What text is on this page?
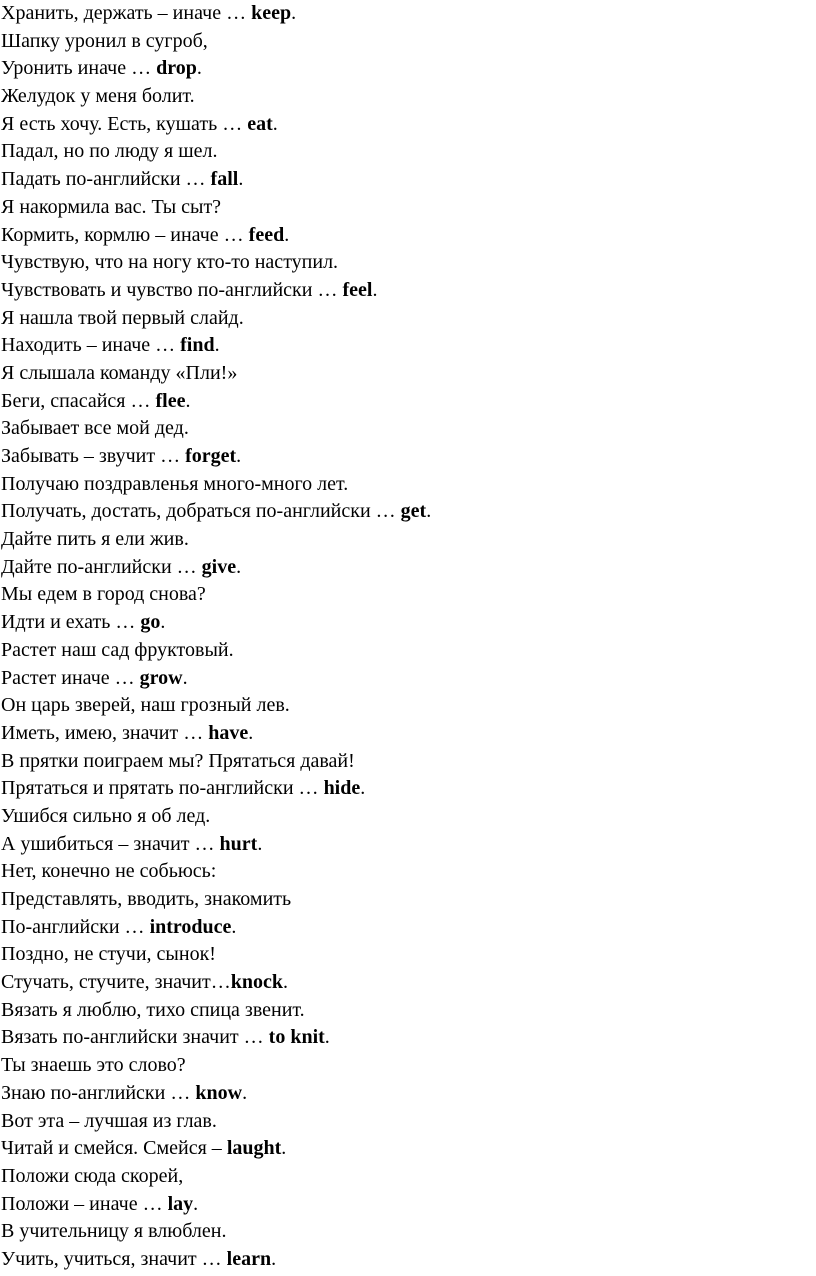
Хранить, держать – иначе … keep.
Шапку уронил в сугроб,
Уронить иначе … drop.
Желудок у меня болит.
Я есть хочу. Есть, кушать … eat.
Падал, но по люду я шел.
Падать по-английски … fall.
Я накормила вас. Ты сыт?
Кормить, кормлю – иначе … feed.
Чувствую, что на ногу кто-то наступил.
Чувствовать и чувство по-английски … feel.
Я нашла твой первый слайд.
Находить – иначе … find.
Я слышала команду «Пли!»
Беги, спасайся … flee.
Забывает все мой дед.
Забывать – звучит … forget.
Получаю поздравленья много-много лет.
Получать, достать, добраться по-английски … get.
Дайте пить я ели жив.
Дайте по-английски … give.
Мы едем в город снова?
Идти и ехать … go.
Растет наш сад фруктовый.
Растет иначе … grow.
Он царь зверей, наш грозный лев.
Иметь, имею, значит … have.
В прятки поиграем мы? Прятаться давай!
Прятаться и прятать по-английски … hide.
Ушибся сильно я об лед.
А ушибиться – значит … hurt.
Нет, конечно не собьюсь:
Представлять, вводить, знакомить
По-английски … introduce.
Поздно, не стучи, сынок!
Стучать, стучите, значит…knock.
Вязать я люблю, тихо спица звенит.
Вязать по-английски значит … to knit.
Ты знаешь это слово?
Знаю по-английски … know.
Вот эта – лучшая из глав.
Читай и смейся. Смейся – laught.
Положи сюда скорей,
Положи – иначе … lay.
В учительницу я влюблен.
Учить, учиться, значит … learn.
